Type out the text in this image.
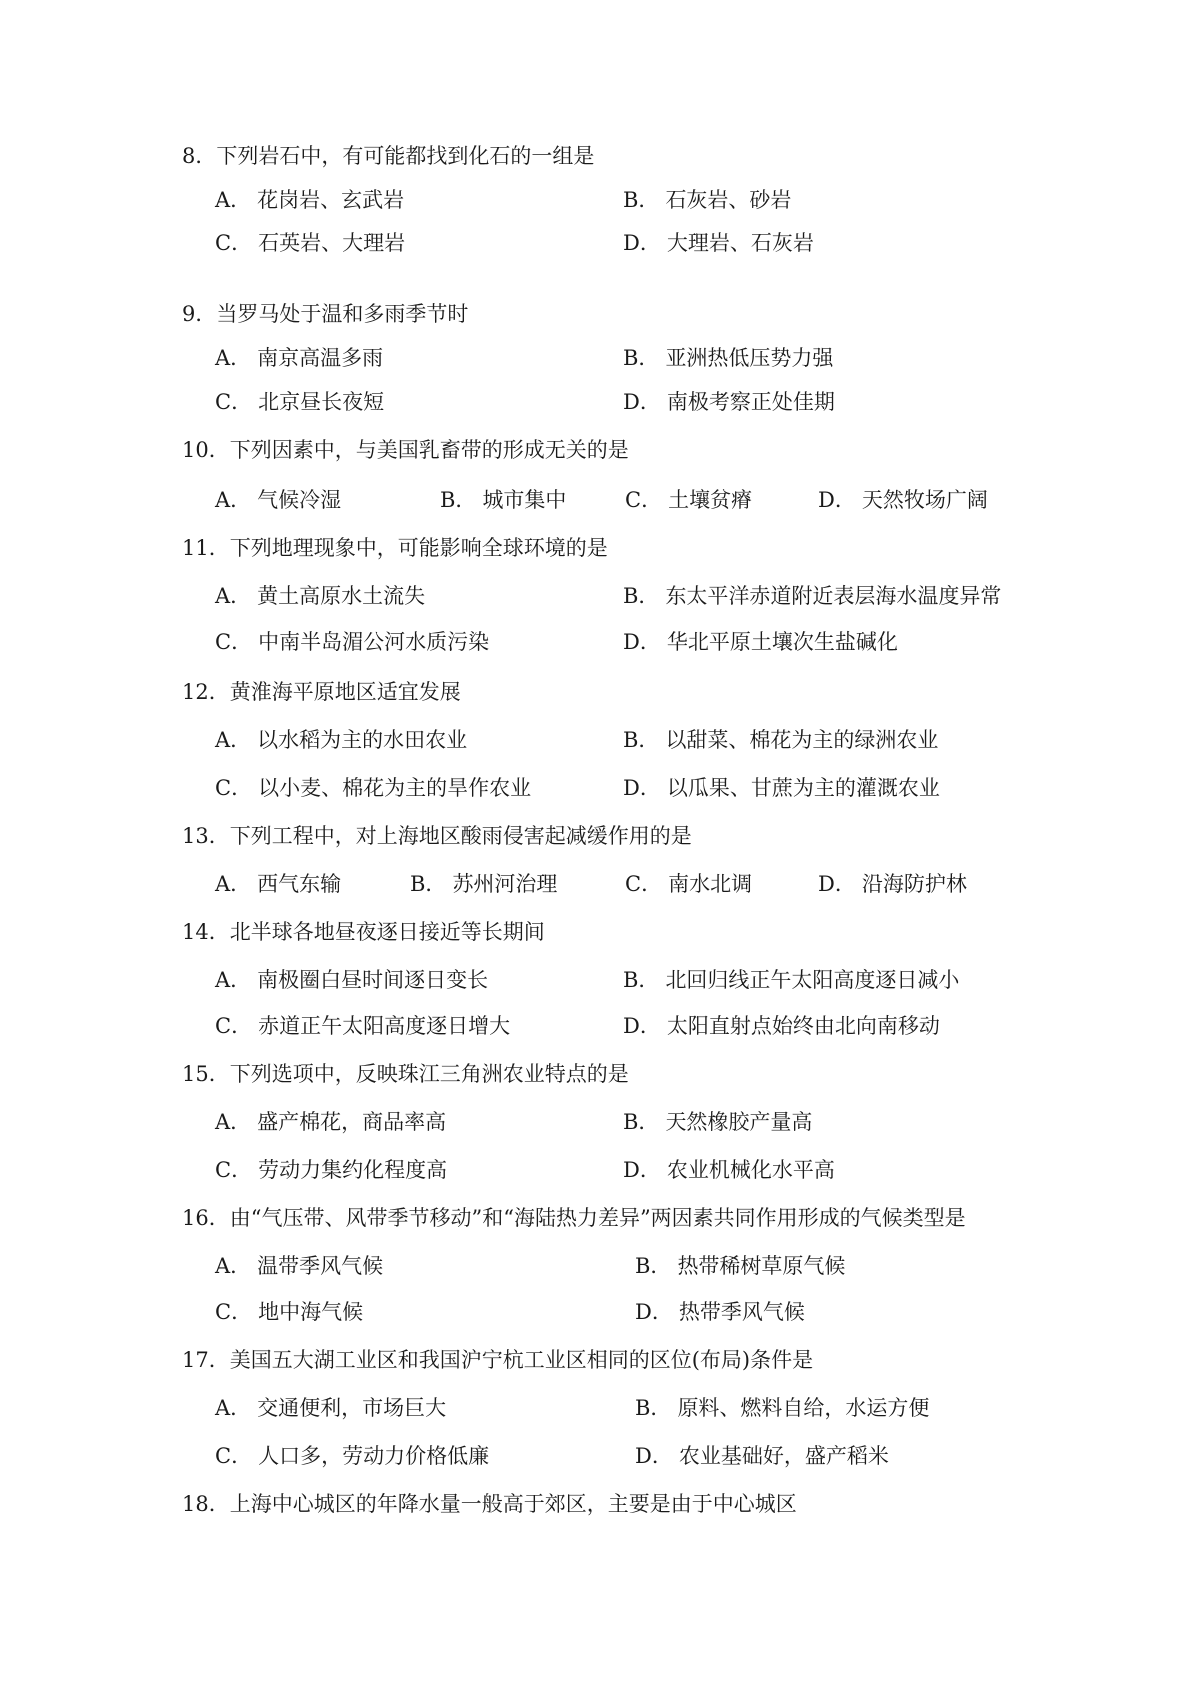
8．下列岩石中，有可能都找到化石的一组是
A． 花岗岩、玄武岩	B． 石灰岩、砂岩
C． 石英岩、大理岩	D． 大理岩、石灰岩
9．当罗马处于温和多雨季节时
A． 南京高温多雨	B． 亚洲热低压势力强
C． 北京昼长夜短	D． 南极考察正处佳期
10．下列因素中，与美国乳畜带的形成无关的是
A． 气候冷湿	B． 城市集中	C． 土壤贫瘠	D． 天然牧场广阔
11．下列地理现象中，可能影响全球环境的是
A． 黄土高原水土流失	B． 东太平洋赤道附近表层海水温度异常
C． 中南半岛湄公河水质污染	D． 华北平原土壤次生盐碱化
12．黄淮海平原地区适宜发展
A． 以水稻为主的水田农业	B． 以甜菜、棉花为主的绿洲农业
C． 以小麦、棉花为主的旱作农业	D． 以瓜果、甘蔗为主的灌溉农业
13．下列工程中，对上海地区酸雨侵害起减缓作用的是
A． 西气东输	B． 苏州河治理	C． 南水北调	D． 沿海防护林
14．北半球各地昼夜逐日接近等长期间
A． 南极圈白昼时间逐日变长	B． 北回归线正午太阳高度逐日减小
C． 赤道正午太阳高度逐日增大	D． 太阳直射点始终由北向南移动
15．下列选项中，反映珠江三角洲农业特点的是
A． 盛产棉花，商品率高	B． 天然橡胶产量高
C． 劳动力集约化程度高	D． 农业机械化水平高
16．由“气压带、风带季节移动”和“海陆热力差异”两因素共同作用形成的气候类型是
A． 温带季风气候	B． 热带稀树草原气候
C． 地中海气候	D． 热带季风气候
17．美国五大湖工业区和我国沪宁杭工业区相同的区位(布局)条件是
A． 交通便利，市场巨大	B． 原料、燃料自给，水运方便
C． 人口多，劳动力价格低廉	D． 农业基础好，盛产稻米
18．上海中心城区的年降水量一般高于郊区，主要是由于中心城区
